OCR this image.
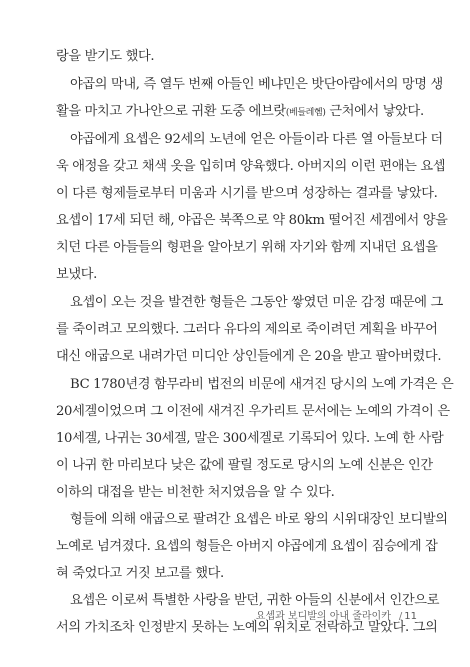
랑을 받기도 했다.
야곱의 막내, 즉 열두 번째 아들인 베냐민은 밧단아람에서의 망명 생
활을 마치고 가나안으로 귀환 도중 에브랏(베들레헴) 근처에서 낳았다.
야곱에게 요셉은 92세의 노년에 얻은 아들이라 다른 열 아들보다 더
욱 애정을 갖고 채색 옷을 입히며 양육했다. 아버지의 이런 편애는 요셉
이 다른 형제들로부터 미움과 시기를 받으며 성장하는 결과를 낳았다.
요셉이 17세 되던 해, 야곱은 북쪽으로 약 80km 떨어진 세겜에서 양을
치던 다른 아들들의 형편을 알아보기 위해 자기와 함께 지내던 요셉을
보냈다.
요셉이 오는 것을 발견한 형들은 그동안 쌓였던 미운 감정 때문에 그
를 죽이려고 모의했다. 그러다 유다의 제의로 죽이려던 계획을 바꾸어
대신 애굽으로 내려가던 미디안 상인들에게 은 20을 받고 팔아버렸다.
BC 1780년경 함무라비 법전의 비문에 새겨진 당시의 노예 가격은 은
20세겔이었으며 그 이전에 새겨진 우가리트 문서에는 노예의 가격이 은
10세겔, 나귀는 30세겔, 말은 300세겔로 기록되어 있다. 노예 한 사람
이 나귀 한 마리보다 낮은 값에 팔릴 정도로 당시의 노예 신분은 인간
이하의 대접을 받는 비천한 처지였음을 알 수 있다.
형들에 의해 애굽으로 팔려간 요셉은 바로 왕의 시위대장인 보디발의
노예로 넘겨졌다. 요셉의 형들은 아버지 야곱에게 요셉이 짐승에게 잡
혀 죽었다고 거짓 보고를 했다.
요셉은 이로써 특별한 사랑을 받던, 귀한 아들의 신분에서 인간으로
서의 가치조차 인정받지 못하는 노예의 위치로 전락하고 말았다. 그의
요셉과 보디발의 아내 줄라이카 / 11
